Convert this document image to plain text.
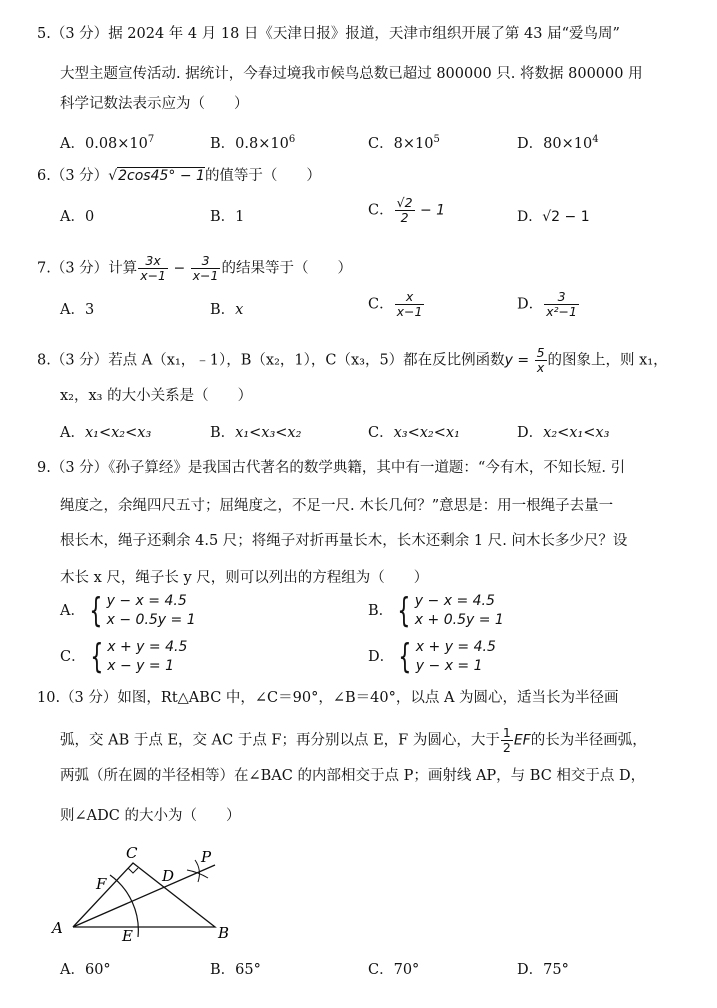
5.（3 分）据 2024 年 4 月 18 日《天津日报》报道，天津市组织开展了第 43 届“爱鸟周”
大型主题宣传活动. 据统计，今春过境我市候鸟总数已超过 800000 只. 将数据 800000 用
科学记数法表示应为（　　）
A．$0.08\times 10^7$	B．$0.8\times 10^6$	C．$8\times 10^5$	D．$80\times 10^4$
6.（3 分）√2cos45° − 1的值等于（　　）
A．0	B．1	C． $\frac{√2}{2} - 1$	D．√2 − 1
7.（3 分）计算 $\frac{3x}{x-1} - \frac{3}{x-1}$ 的结果等于（　　）
A．3	B．x	C． $\frac{x}{x-1}$	D． $\frac{3}{\text{x²−1}}$
8.（3 分）若点 A（x₁，﹣1），B（x₂，1），C（x₃，5）都在反比例函数$y = \frac{5}{x}$ 的图象上，则 x₁，
x₂，x₃ 的大小关系是（　　）
A．x₁<x₂<x₃	B．x₁<x₃<x₂	C．x₃<x₂<x₁	D．x₂<x₁<x₃
9.（3 分）《孙子算经》是我国古代著名的数学典籍，其中有一道题：“今有木，不知长短. 引
绳度之，余绳四尺五寸；屈绳度之，不足一尺. 木长几何？”意思是：用一根绳子去量一
根长木，绳子还剩余 4.5 尺；将绳子对折再量长木，长木还剩余 1 尺. 问木长多少尺？设
木长 x 尺，绳子长 y 尺，则可以列出的方程组为（　　）
A． { y − x = 4.5
x − 0.5y = 1
B． { y − x = 4.5
x + 0.5y = 1
C． { x + y = 4.5
x − y = 1
D． { x + y = 4.5
y − x = 1
10.（3 分）如图，Rt△ABC 中，∠C＝90°，∠B＝40°，以点 A 为圆心，适当长为半径画
弧，交 AB 于点 E，交 AC 于点 F；再分别以点 E，F 为圆心，大于 $\frac{1}{2}$ EF的长为半径画弧，
两弧（所在圆的半径相等）在∠BAC 的内部相交于点 P；画射线 AP，与 BC 相交于点 D，
则∠ADC 的大小为（　　）
A	B
C
D
E
F
P
A．60°	B．65°	C．70°	D．75°
